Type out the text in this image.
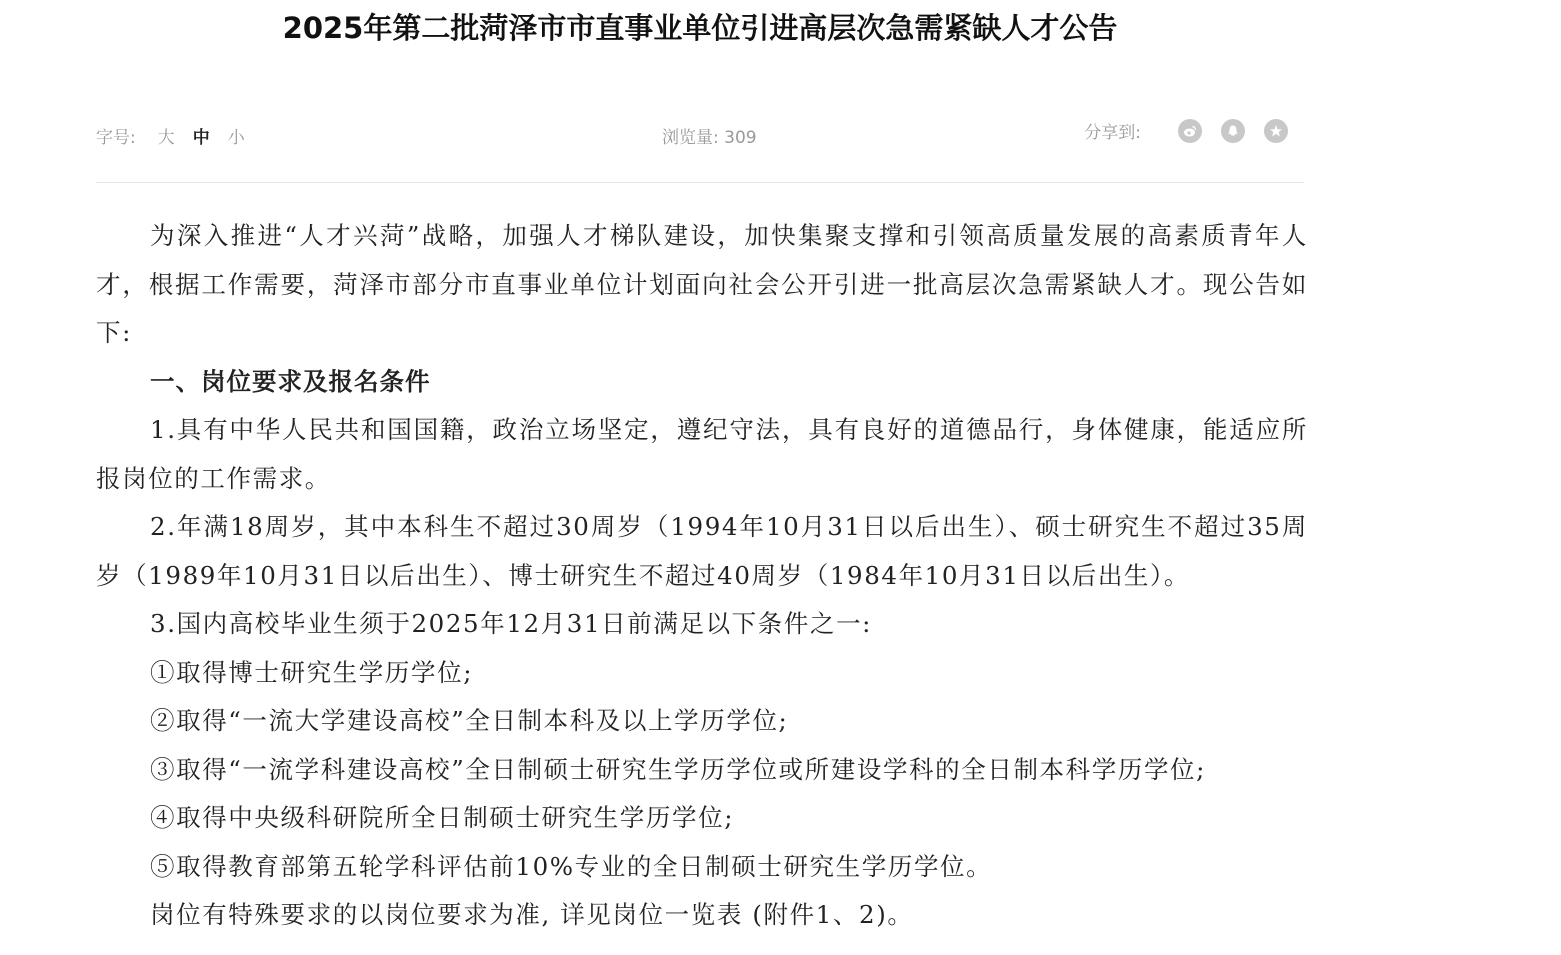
2025年第二批菏泽市市直事业单位引进高层次急需紧缺人才公告
字号: 大 中 小	浏览量: 309	分享到:

为深入推进“人才兴菏”战略，加强人才梯队建设，加快集聚支撑和引领高质量发展的高素质青年人才，根据工作需要，菏泽市部分市直事业单位计划面向社会公开引进一批高层次急需紧缺人才。现公告如下:

一、岗位要求及报名条件

1.具有中华人民共和国国籍，政治立场坚定，遵纪守法，具有良好的道德品行，身体健康，能适应所报岗位的工作需求。

2.年满18周岁，其中本科生不超过30周岁（1994年10月31日以后出生）、硕士研究生不超过35周岁（1989年10月31日以后出生）、博士研究生不超过40周岁（1984年10月31日以后出生）。

3.国内高校毕业生须于2025年12月31日前满足以下条件之一:

①取得博士研究生学历学位;

②取得“一流大学建设高校”全日制本科及以上学历学位;

③取得“一流学科建设高校”全日制硕士研究生学历学位或所建设学科的全日制本科学历学位;

④取得中央级科研院所全日制硕士研究生学历学位;

⑤取得教育部第五轮学科评估前10%专业的全日制硕士研究生学历学位。

岗位有特殊要求的以岗位要求为准, 详见岗位一览表 (附件1、2)。
